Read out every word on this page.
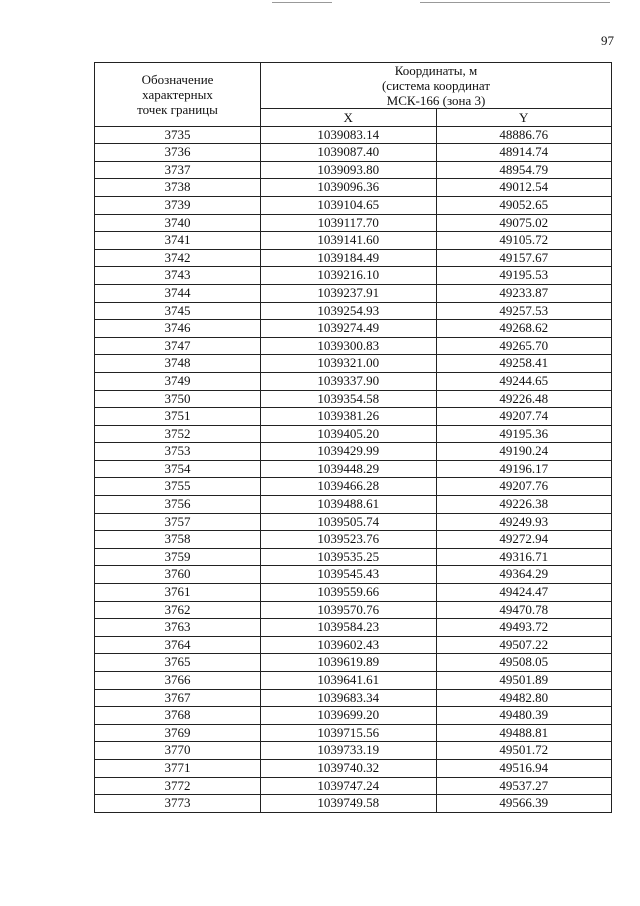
97
Обозначение
характерных
точек границы	Координаты, м
(система координат
МСК-166 (зона 3)	

	X	Y
3735	1039083.14	48886.76
3736	1039087.40	48914.74
3737	1039093.80	48954.79
3738	1039096.36	49012.54
3739	1039104.65	49052.65
3740	1039117.70	49075.02
3741	1039141.60	49105.72
3742	1039184.49	49157.67
3743	1039216.10	49195.53
3744	1039237.91	49233.87
3745	1039254.93	49257.53
3746	1039274.49	49268.62
3747	1039300.83	49265.70
3748	1039321.00	49258.41
3749	1039337.90	49244.65
3750	1039354.58	49226.48
3751	1039381.26	49207.74
3752	1039405.20	49195.36
3753	1039429.99	49190.24
3754	1039448.29	49196.17
3755	1039466.28	49207.76
3756	1039488.61	49226.38
3757	1039505.74	49249.93
3758	1039523.76	49272.94
3759	1039535.25	49316.71
3760	1039545.43	49364.29
3761	1039559.66	49424.47
3762	1039570.76	49470.78
3763	1039584.23	49493.72
3764	1039602.43	49507.22
3765	1039619.89	49508.05
3766	1039641.61	49501.89
3767	1039683.34	49482.80
3768	1039699.20	49480.39
3769	1039715.56	49488.81
3770	1039733.19	49501.72
3771	1039740.32	49516.94
3772	1039747.24	49537.27
3773	1039749.58	49566.39
